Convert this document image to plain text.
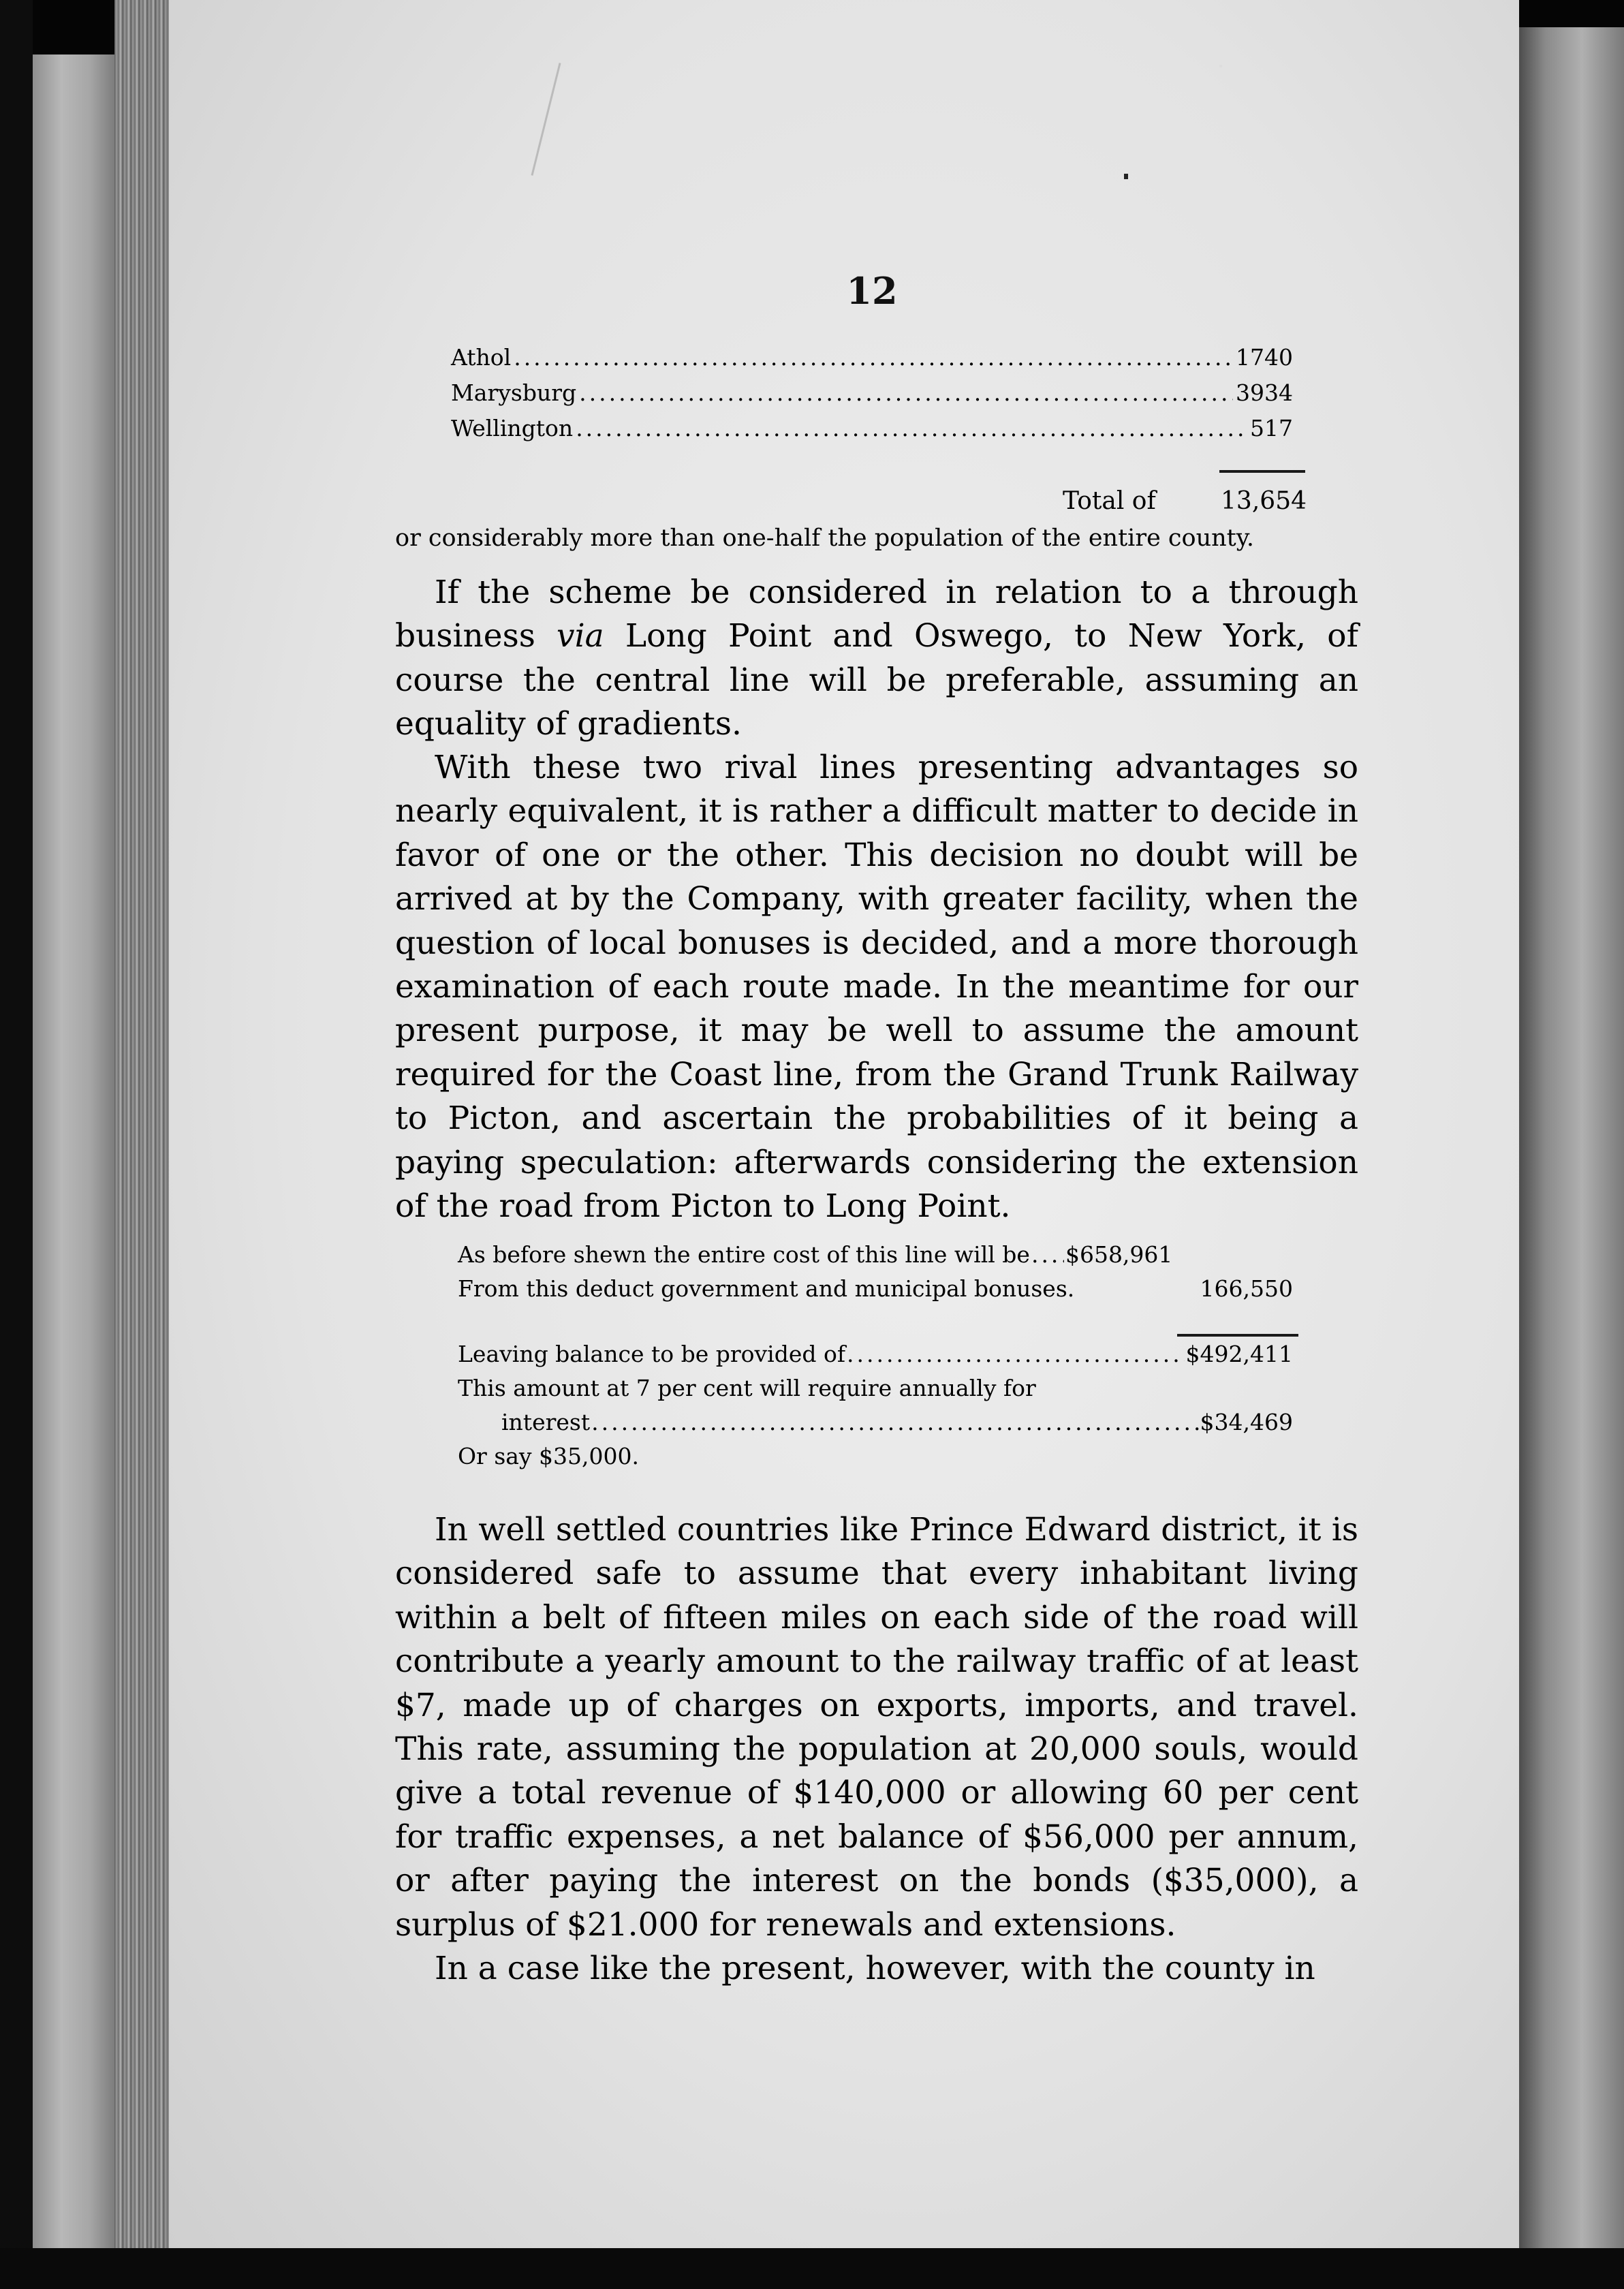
12
Athol .....	1740
Marysburg .....	3934
Wellington .....	517
Total of	13,654
or considerably more than one-half the population of the entire county.

If the scheme be considered in relation to a through business via Long Point and Oswego, to New York, of course the central line will be preferable, assuming an equality of gradients.

With these two rival lines presenting advantages so nearly equivalent, it is rather a difficult matter to decide in favor of one or the other. This decision no doubt will be arrived at by the Company, with greater facility, when the question of local bonuses is decided, and a more thorough examination of each route made. In the meantime for our present purpose, it may be well to assume the amount required for the Coast line, from the Grand Trunk Railway to Picton, and ascertain the probabilities of it being a paying speculation: afterwards considering the extension of the road from Picton to Long Point.

As before shewn the entire cost of this line will be ..... $658,961
From this deduct government and municipal bonuses.	166,550
Leaving balance to be provided of .....	$492,411
This amount at 7 per cent will require annually for
interest .....	$34,469
Or say $35,000.

In well settled countries like Prince Edward district, it is considered safe to assume that every inhabitant living within a belt of fifteen miles on each side of the road will contribute a yearly amount to the railway traffic of at least $7, made up of charges on exports, imports, and travel. This rate, assuming the population at 20,000 souls, would give a total revenue of $140,000 or allowing 60 per cent for traffic expenses, a net balance of $56,000 per annum, or after paying the interest on the bonds ($35,000), a surplus of $21.000 for renewals and extensions.

In a case like the present, however, with the county in
